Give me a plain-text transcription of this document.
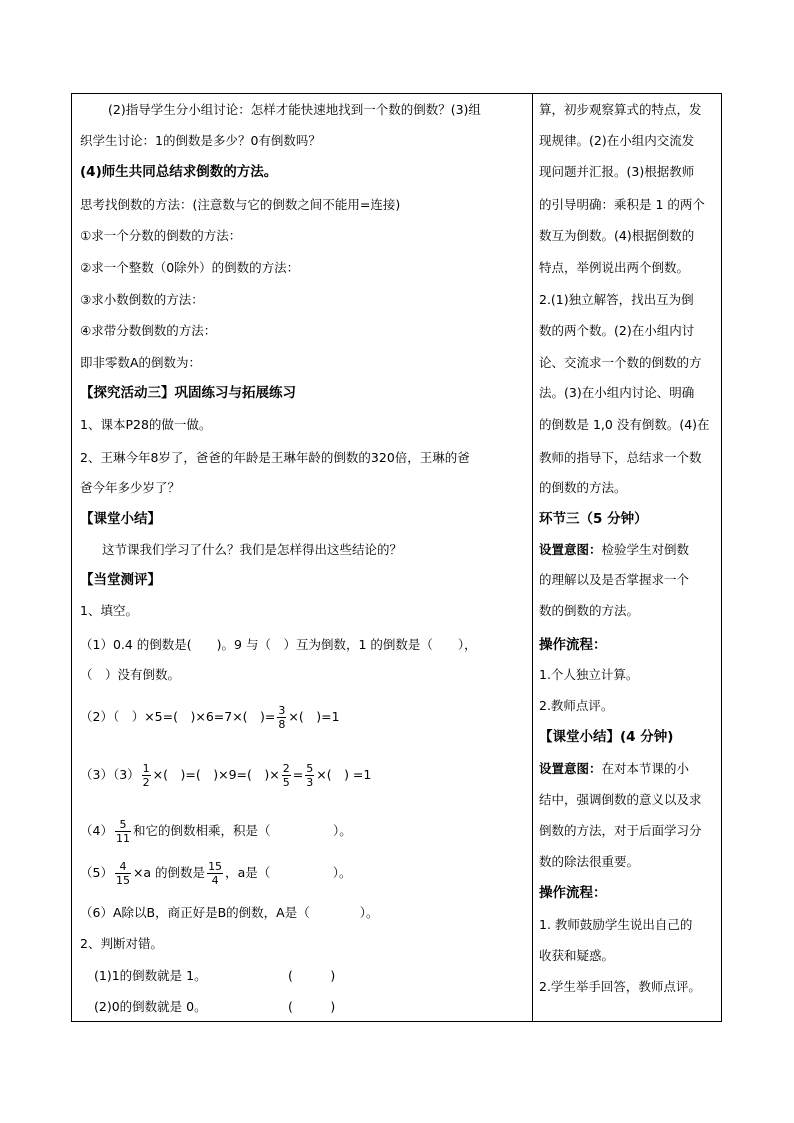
(2)指导学生分小组讨论：怎样才能快速地找到一个数的倒数？(3)组
织学生讨论：1的倒数是多少？0有倒数吗？
(4)师生共同总结求倒数的方法。
思考找倒数的方法：(注意数与它的倒数之间不能用=连接)
①求一个分数的倒数的方法：
②求一个整数（0除外）的倒数的方法：
③求小数倒数的方法：
④求带分数倒数的方法：
即非零数A的倒数为：
【探究活动三】巩固练习与拓展练习
1、课本P28的做一做。
2、王琳今年8岁了，爸爸的年龄是王琳年龄的倒数的320倍，王琳的爸
爸今年多少岁了？
【课堂小结】
这节课我们学习了什么？我们是怎样得出这些结论的？
【当堂测评】
1、填空。
（1）0.4 的倒数是(　　)。9 与（　）互为倒数，1 的倒数是（　　），
（　）没有倒数。
（2）（　）×5=(　)×6=7×(　)= $\frac{3}{8}$ ×(　)=1
$(3)(3) \frac{1}{2}$ ×(　)=(　)×9=(　)× $\frac{2}{5} = \frac{5}{3}$ ×(　) =1
$(4) \frac{5}{11}$ 和它的倒数相乘，积是（　　　　　）。
$(5) \frac{4}{15} \times a$ 的倒数是 $\frac{15}{4}$ ，a是（　　　　　）。
（6）A除以B，商正好是B的倒数，A是（　　　　）。
2、判断对错。
(1)1的倒数就是 1。	(　　　)
(2)0的倒数就是 0。	(　　　)
算，初步观察算式的特点，发
现规律。(2)在小组内交流发
现问题并汇报。(3)根据教师
的引导明确：乘积是 1 的两个
数互为倒数。(4)根据倒数的
特点，举例说出两个倒数。
2.(1)独立解答，找出互为倒
数的两个数。(2)在小组内讨
论、交流求一个数的倒数的方
法。(3)在小组内讨论、明确
的倒数是 1,0 没有倒数。(4)在
教师的指导下，总结求一个数
的倒数的方法。
环节三（5 分钟）
设置意图：检验学生对倒数
的理解以及是否掌握求一个
数的倒数的方法。
操作流程：
1.个人独立计算。
2.教师点评。
【课堂小结】(4 分钟)
设置意图：在对本节课的小
结中，强调倒数的意义以及求
倒数的方法，对于后面学习分
数的除法很重要。
操作流程：
1. 教师鼓励学生说出自己的
收获和疑惑。
2.学生举手回答，教师点评。
